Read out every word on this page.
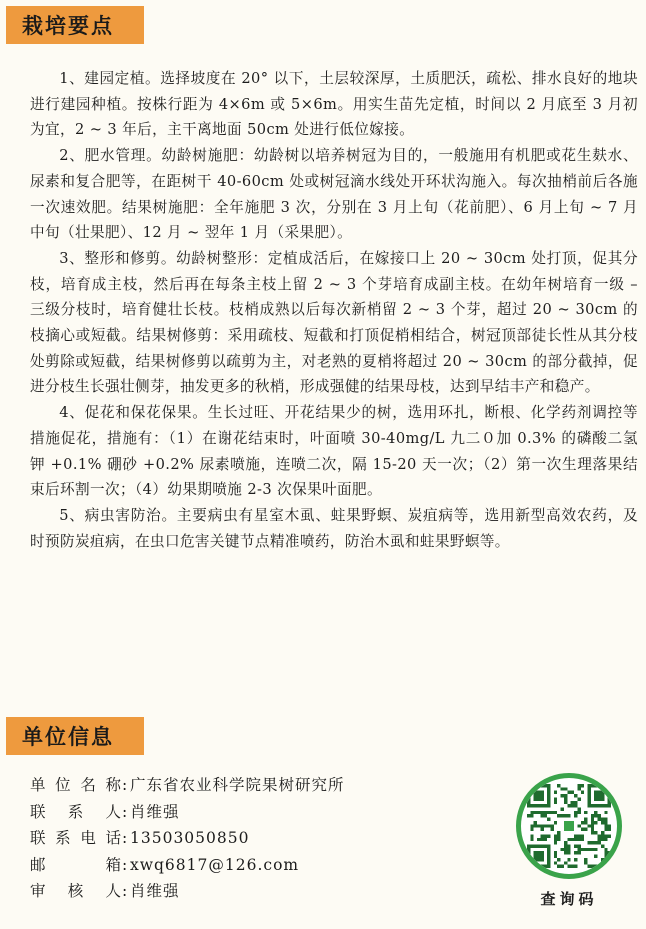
栽培要点

1、建园定植。选择坡度在 20° 以下，土层较深厚，土质肥沃，疏松、排水良好的地块进行建园种植。按株行距为 4×6m 或 5×6m。用实生苗先定植，时间以 2 月底至 3 月初为宜，2 ~ 3 年后，主干离地面 50cm 处进行低位嫁接。

2、肥水管理。幼龄树施肥：幼龄树以培养树冠为目的，一般施用有机肥或花生麸水、尿素和复合肥等，在距树干 40-60cm 处或树冠滴水线处开环状沟施入。每次抽梢前后各施一次速效肥。结果树施肥：全年施肥 3 次，分别在 3 月上旬（花前肥）、6 月上旬 ~ 7 月中旬（壮果肥）、12 月 ~ 翌年 1 月（采果肥）。

3、整形和修剪。幼龄树整形：定植成活后，在嫁接口上 20 ~ 30cm 处打顶，促其分枝，培育成主枝，然后再在每条主枝上留 2 ~ 3 个芽培育成副主枝。在幼年树培育一级 – 三级分枝时，培育健壮长枝。枝梢成熟以后每次新梢留 2 ~ 3 个芽，超过 20 ~ 30cm 的枝摘心或短截。结果树修剪：采用疏枝、短截和打顶促梢相结合，树冠顶部徒长性从其分枝处剪除或短截，结果树修剪以疏剪为主，对老熟的夏梢将超过 20 ~ 30cm 的部分截掉，促进分枝生长强壮侧芽，抽发更多的秋梢，形成强健的结果母枝，达到早结丰产和稳产。

4、促花和保花保果。生长过旺、开花结果少的树，选用环扎，断根、化学药剂调控等措施促花，措施有：（1）在谢花结束时，叶面喷 30-40mg/L 九二０加 0.3% 的磷酸二氢钾 +0.1% 硼砂 +0.2% 尿素喷施，连喷二次，隔 15-20 天一次；（2）第一次生理落果结束后环割一次；（4）幼果期喷施 2-3 次保果叶面肥。

5、病虫害防治。主要病虫有星室木虱、蛀果野螟、炭疽病等，选用新型高效农药，及时预防炭疽病，在虫口危害关键节点精准喷药，防治木虱和蛀果野螟等。

单位信息
单位名称 : 广东省农业科学院果树研究所
联系人 : 肖维强
联系电话 : 13503050850
邮箱 : xwq6817@126.com
审核人 : 肖维强	查询码
